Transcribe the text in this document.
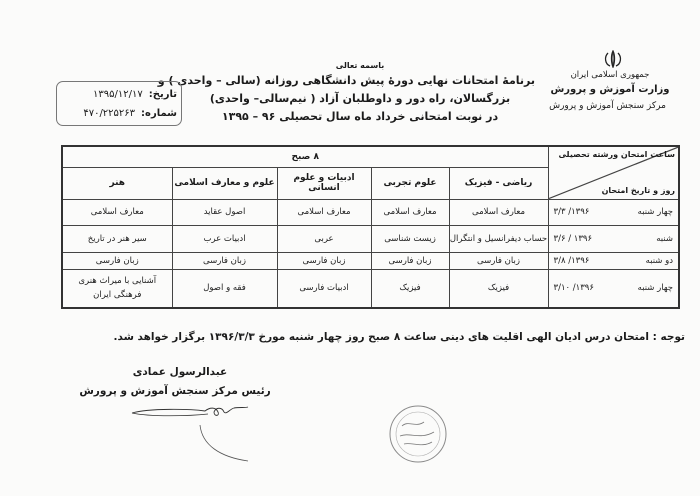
جمهوری اسلامی ایران
وزارت آموزش و پرورش
مرکز سنجش آموزش و پرورش
باسمه تعالی
برنامۀ امتحانات نهایی دورۀ پیش دانشگاهی روزانه (سالی – واحدی ) و
بزرگسالان، راه دور و داوطلبان آزاد ( نیم‌سالی– واحدی)
در نوبت امتحانی خرداد ماه سال تحصیلی ۹۶ – ۱۳۹۵
تاریخ:
۱۳۹۵/۱۲/۱۷
شماره:
۴۷۰/۲۲۵۲۶۳
ساعت امتحان ورشته تحصیلی
روز و تاریخ امتحان	۸ صبح				
	ریاضی - فیزیک	علوم تجربی	ادبیات و علوم انسانی	علوم و معارف اسلامی	هنر

چهار شنبه
۱۳۹۶/ ۳/۳	معارف اسلامی	معارف اسلامی	معارف اسلامی	اصول عقاید	معارف اسلامی

شنبه
۱۳۹۶ / ۳/۶	حساب دیفرانسیل و انتگرال	زیست شناسی	عربی	ادبیات عرب	سیر هنر در تاریخ

دو شنبه
۱۳۹۶/ ۳/۸	زبان فارسی	زبان فارسی	زبان فارسی	زبان فارسی	زبان فارسی

چهار شنبه
۱۳۹۶/ ۳/۱۰	فیزیک	فیزیک	ادبیات فارسی	فقه و اصول	آشنایی با میراث هنری فرهنگی ایران
توجه : امتحان درس ادیان الهی اقلیت های دینی ساعت ۸ صبح روز چهار شنبه مورخ ۱۳۹۶/۳/۳ برگزار خواهد شد.
عبدالرسول عمادی
رئیس مرکز سنجش آموزش و پرورش
